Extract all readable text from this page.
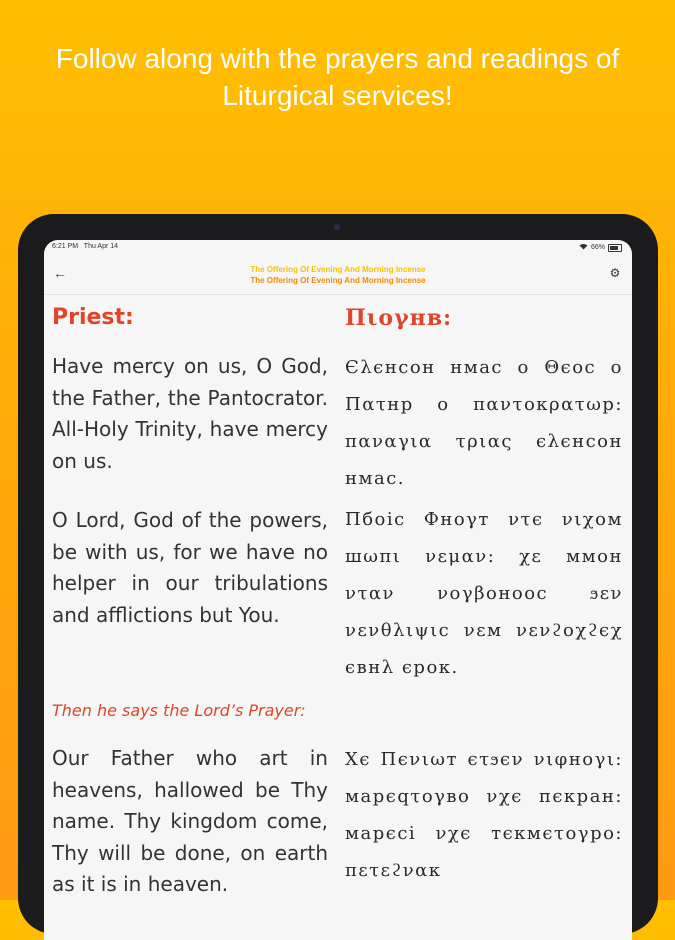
Follow along with the prayers and readings of
Liturgical services!
6:21 PM Thu Apr 14	66%
←	The Offering Of Evening And Morning Incense
The Offering Of Evening And Morning Incense
⚙
Priest:
Have mercy on us, O God, the Father, the Pantocrator. All-Holy Trinity, have mercy on us.
O Lord, God of the powers, be with us, for we have no helper in our tribulations and afflictions but You.
Then he says the Lord’s Prayer:
Our Father who art in heavens, hallowed be Thy name. Thy kingdom come, Thy will be done, on earth as it is in heaven.
Пιоγнв:
Єλєнсон нмас ο Θєос ο Пατнр ο παντοκρατωр: παναγια τριας єλєнсон нмас.
Пбоіс Фноγт ντє νιχом шωπι νεμαν: χε ммон νταν νογβоноос ϧεν νενθλιψιс νεм νενϩοχϩєχ євнλ єрок.
Χє Пєνιωт єτϧєν νιφнογι: марєqτογвο νχє пєкран: марєсі νχє тєкмєτογро: πετεϩνακ
